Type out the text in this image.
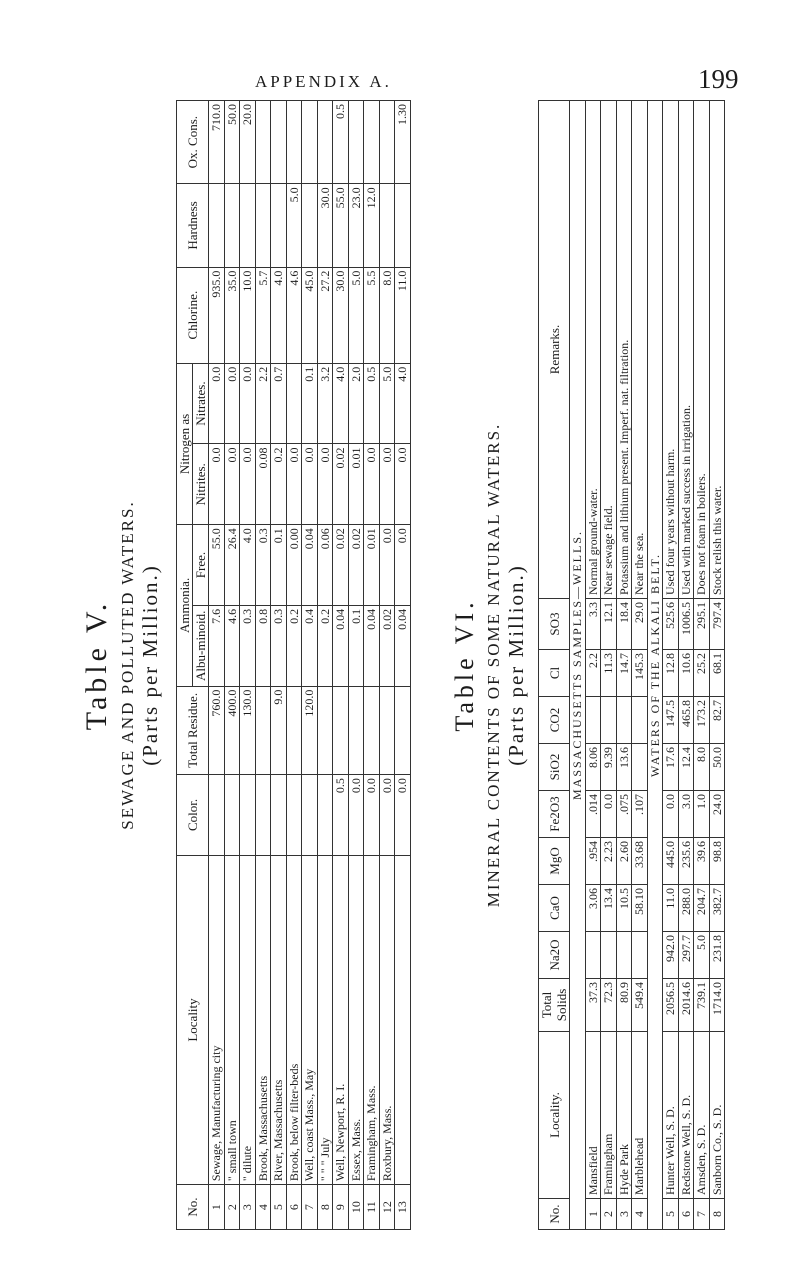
APPENDIX A.	199
Table V. SEWAGE AND POLLUTED WATERS. (Parts per Million.)
No.	Locality	Color.	Total Residue.	Ammonia.		Nitrogen as		Chlorine.	Hardness	Ox. Cons.
				Albu-minoid.	Free.	Nitrites.	Nitrates.			
1	Sewage, Manufacturing city		760.0	7.6	55.0	0.0	0.0	935.0		710.0
2	" small town		400.0	4.6	26.4	0.0	0.0	35.0		50.0
3	" dilute		130.0	0.3	4.0	0.0	0.0	10.0		20.0
4	Brook, Massachusetts			0.8	0.3	0.08	2.2	5.7		
5	River, Massachusetts		9.0	0.3	0.1	0.2	0.7	4.0		
6	Brook, below filter-beds			0.2	0.00	0.0		4.6	5.0	
7	Well, coast Mass., May		120.0	0.4	0.04	0.0	0.1	45.0		
8	" " " July			0.2	0.06	0.0	3.2	27.2	30.0	
9	Well, Newport, R. I.	0.5		0.04	0.02	0.02	4.0	30.0	55.0	0.5
10	Essex, Mass.	0.0		0.1	0.02	0.01	2.0	5.0	23.0	
11	Framingham, Mass.	0.0		0.04	0.01	0.0	0.5	5.5	12.0	
12	Roxbury, Mass.	0.0		0.02	0.0	0.0	5.0	8.0		
13		0.0		0.04	0.0	0.0	4.0	11.0		1.30
Table VI. MINERAL CONTENTS OF SOME NATURAL WATERS. (Parts per Million.)
No.	Locality.	Total Solids	Na2O	CaO	MgO	Fe2O3	SiO2	CO2	Cl	SO3	Remarks.
MASSACHUSETTS SAMPLES—WELLS.											
1	Mansfield	37.3		3.06	.954	.014	8.06		2.2	3.3	Normal ground-water.
2	Framingham	72.3		13.4	2.23	0.0	9.39		11.3	12.1	Near sewage field.
3	Hyde Park	80.9		10.5	2.60	.075	13.6		14.7	18.4	Potassium and lithium present. Imperf. nat. filtration.
4	Marblehead	549.4		58.10	33.68	.107			145.3	29.0	Near the sea.
WATERS OF THE ALKALI BELT.											
5	Hunter Well, S. D.	2056.5	942.0	11.0	445.0	0.0	17.6	147.5	12.8	525.6	Used four years without harm.
6	Redstone Well, S. D.	2014.6	297.7	288.0	235.6	3.0	12.4	465.8	10.6	1006.5	Used with marked success in irrigation.
7	Amsden, S. D.	739.1	5.0	204.7	39.6	1.0	8.0	173.2	25.2	295.1	Does not foam in boilers.
8	Sanborn Co., S. D.	1714.0	231.8	382.7	98.8	24.0	50.0	82.7	68.1	797.4	Stock relish this water.
